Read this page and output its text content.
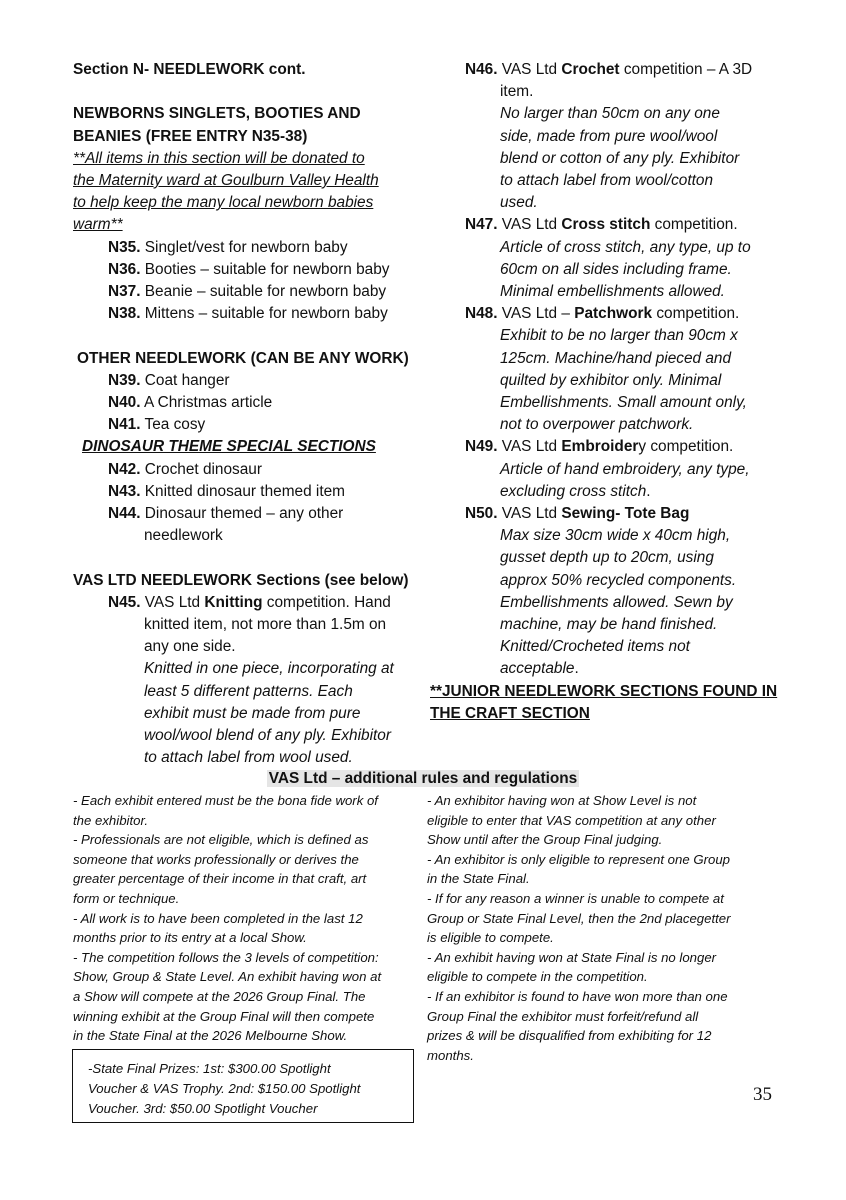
Section N- NEEDLEWORK cont.
NEWBORNS SINGLETS, BOOTIES AND
BEANIES (FREE ENTRY N35-38)
**All items in this section will be donated to
the Maternity ward at Goulburn Valley Health
to help keep the many local newborn babies
warm**
N35. Singlet/vest for newborn baby
N36. Booties – suitable for newborn baby
N37. Beanie – suitable for newborn baby
N38. Mittens – suitable for newborn baby
OTHER NEEDLEWORK (CAN BE ANY WORK)
N39. Coat hanger
N40. A Christmas article
N41. Tea cosy
DINOSAUR THEME SPECIAL SECTIONS
N42. Crochet dinosaur
N43. Knitted dinosaur themed item
N44. Dinosaur themed – any other
needlework
VAS LTD NEEDLEWORK Sections (see below)
N45. VAS Ltd Knitting competition. Hand
knitted item, not more than 1.5m on
any one side.
Knitted in one piece, incorporating at
least 5 different patterns. Each
exhibit must be made from pure
wool/wool blend of any ply. Exhibitor
to attach label from wool used.
N46. VAS Ltd Crochet competition – A 3D
item.
No larger than 50cm on any one
side, made from pure wool/wool
blend or cotton of any ply. Exhibitor
to attach label from wool/cotton
used.
N47. VAS Ltd Cross stitch competition.
Article of cross stitch, any type, up to
60cm on all sides including frame.
Minimal embellishments allowed.
N48. VAS Ltd – Patchwork competition.
Exhibit to be no larger than 90cm x
125cm. Machine/hand pieced and
quilted by exhibitor only. Minimal
Embellishments. Small amount only,
not to overpower patchwork.
N49. VAS Ltd Embroidery competition.
Article of hand embroidery, any type,
excluding cross stitch.
N50. VAS Ltd Sewing- Tote Bag
Max size 30cm wide x 40cm high,
gusset depth up to 20cm, using
approx 50% recycled components.
Embellishments allowed. Sewn by
machine, may be hand finished.
Knitted/Crocheted items not
acceptable.
**JUNIOR NEEDLEWORK SECTIONS FOUND IN
THE CRAFT SECTION
VAS Ltd – additional rules and regulations
- Each exhibit entered must be the bona fide work of
the exhibitor.
- Professionals are not eligible, which is defined as
someone that works professionally or derives the
greater percentage of their income in that craft, art
form or technique.
- All work is to have been completed in the last 12
months prior to its entry at a local Show.
- The competition follows the 3 levels of competition:
Show, Group & State Level. An exhibit having won at
a Show will compete at the 2026 Group Final. The
winning exhibit at the Group Final will then compete
in the State Final at the 2026 Melbourne Show.
- An exhibitor having won at Show Level is not
eligible to enter that VAS competition at any other
Show until after the Group Final judging.
- An exhibitor is only eligible to represent one Group
in the State Final.
- If for any reason a winner is unable to compete at
Group or State Final Level, then the 2nd placegetter
is eligible to compete.
- An exhibit having won at State Final is no longer
eligible to compete in the competition.
- If an exhibitor is found to have won more than one
Group Final the exhibitor must forfeit/refund all
prizes & will be disqualified from exhibiting for 12
months.
-State Final Prizes: 1st: $300.00 Spotlight
Voucher & VAS Trophy. 2nd: $150.00 Spotlight
Voucher. 3rd: $50.00 Spotlight Voucher
35
